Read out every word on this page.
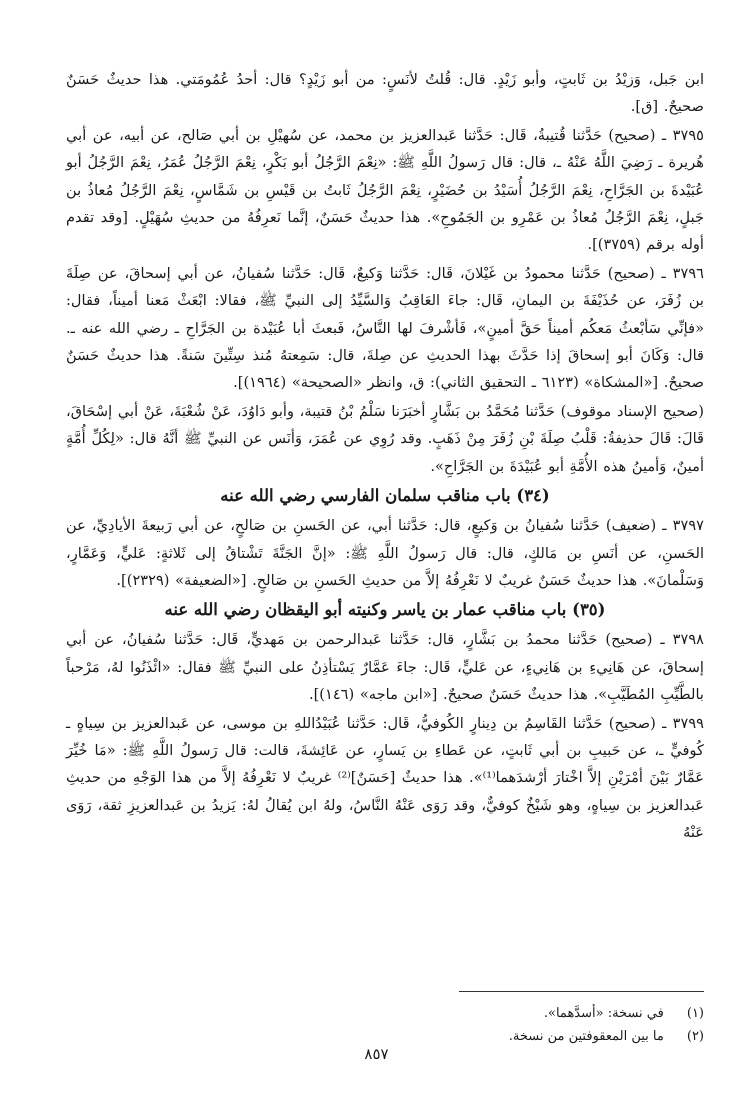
ابن جَبل، وَزيْدُ بن ثَابتٍ، وأبو زَيْدٍ. قال: قُلتُ لأنَسٍ: من أبو زَيْدٍ؟ قال: أحدُ عُمُومَتي. هذا حديثٌ حَسَنٌ صحيحٌ. [ق].

٣٧٩٥ ـ (صحيح) حَدَّثنا قُتيبةُ، قَال: حَدَّثنا عَبدالعزيز بن محمد، عن سُهيْلِ بن أبي صَالح، عن أبيه، عن أبي هُريرة ـ رَضِيَ اللَّهُ عَنْهُ ـ، قال: قال رَسولُ اللَّهِ ﷺ: «نِعْمَ الرَّجُلُ أبو بَكْرٍ، نِعْمَ الرَّجُلُ عُمَرُ، نِعْمَ الرَّجُلُ أبو عُبَيْدةَ بن الجَرَّاحِ، نِعْمَ الرَّجُلُ أُسَيْدُ بن حُضَيْرٍ، نِعْمَ الرَّجُلُ ثَابتُ بن قَيْسِ بن شَمَّاسٍ، نِعْمَ الرَّجُلُ مُعاذُ بن جَبلٍ، نِعْمَ الرَّجُلُ مُعاذُ بن عَمْرِو بن الجَمُوحِ». هذا حديثٌ حَسَنٌ، إنَّما نَعرِفُهُ من حديثِ سُهَيْلٍ. [وقد تقدم أوله برقم (٣٧٥٩)].

٣٧٩٦ ـ (صحيح) حَدَّثنا محمودُ بن غَيْلانَ، قَال: حَدَّثنا وَكيعٌ، قَال: حَدَّثنا سُفيانُ، عن أبي إسحاقَ، عن صِلَةَ بن زُفَرَ، عن حُذَيْفَةَ بن اليمانِ، قَال: جاءَ العَاقِبُ وَالسَّيِّدُ إلى النبيِّ ﷺ، فقالا: ابْعَثْ مَعنا أميناً، فقال: «فإنِّي سَأبْعثُ مَعكُم أميناً حَقَّ أمينٍ»، فَأشْرفَ لها النَّاسُ، فَبعثَ أبا عُبَيْدة بن الجَرَّاحِ ـ رضي الله عنه ـ. قال: وَكَانَ أبو إسحاقَ إذا حَدَّثَ بهذا الحديثِ عن صِلةَ، قال: سَمِعتهُ مُنذ سِتِّينَ سَنةً. هذا حديثٌ حَسَنٌ صحيحٌ. [«المشكاة» (٦١٢٣ ـ التحقيق الثاني): ق، وانظر «الصحيحة» (١٩٦٤)].

(صحيح الإسناد موقوف) حَدَّثنا مُحَمَّدُ بن بَشَّارٍ أخبَرَنا سَلْمُ بْنُ قتيبة، وأبو دَاوُدَ، عَنْ شُعْبَةَ، عَنْ أبي إسْحَاقَ، قَالَ: قَالَ حذيفةُ: قَلْبُ صِلَةَ بْنِ زُفَرَ مِنْ ذَهَبٍ. وقد رُوِي عن عُمَرَ، وَأنَس عن النبيِّ ﷺ أنَّهُ قال: «لِكُلِّ أُمَّةٍ أمينٌ، وَأمينُ هذه الأُمَّةِ أبو عُبَيْدَةَ بن الجَرَّاحِ».

(٣٤) باب مناقب سلمان الفارسي رضي الله عنه

٣٧٩٧ ـ (ضعيف) حَدَّثنا سُفيانُ بن وَكيعٍ، قال: حَدَّثنا أبي، عن الحَسنِ بن صَالحٍ، عن أبي رَبيعةَ الأيادِيِّ، عن الحَسنِ، عن أنَسِ بن مَالكٍ، قال: قال رَسولُ اللَّهِ ﷺ: «إنَّ الجَنَّةَ تَشْتاقُ إلى ثَلاثةٍ: عَليٍّ، وَعَمَّارٍ، وَسَلْمانَ». هذا حديثٌ حَسَنٌ غريبٌ لا نَعْرِفُهُ إلاَّ من حديثِ الحَسنِ بن صَالحٍ. [«الضعيفة» (٢٣٢٩)].

(٣٥) باب مناقب عمار بن ياسر وكنيته أبو اليقظان رضي الله عنه

٣٧٩٨ ـ (صحيح) حَدَّثنا محمدُ بن بَشَّارٍ، قال: حَدَّثنا عَبدالرحمن بن مَهديٍّ، قَال: حَدَّثنا سُفيانُ، عن أبي إسحاقَ، عن هَانِيءِ بن هَانِيءٍ، عن عَليٍّ، قَال: جاءَ عَمَّارٌ يَسْتأذِنُ على النبيِّ ﷺ فقال: «ائْذَنُوا لهُ، مَرْحباً بالطَّيِّبِ المُطَيَّبِ». هذا حديثٌ حَسَنٌ صحيحٌ. [«ابن ماجه» (١٤٦)].

٣٧٩٩ ـ (صحيح) حَدَّثنا القَاسِمُ بن دِينارٍ الكُوفيُّ، قَال: حَدَّثنا عُبَيْدُاللهِ بن موسى، عن عَبدالعزيز بن سِياهٍ ـ كُوفيٍّ ـ، عن حَبيبِ بن أبي ثَابتٍ، عن عَطاءِ بن يَسارٍ، عن عَائِشةَ، قالت: قال رَسولُ اللَّهِ ﷺ: «مَا خُيِّرَ عَمَّارٌ بَيْنَ أمْرَيْنِ إلاَّ اخْتارَ أرْشدَهما⁽¹⁾». هذا حديثٌ [حَسَنٌ]⁽²⁾ غريبٌ لا نَعْرِفُهُ إلاَّ من هذا الوَجْهِ من حديثِ عَبدالعزيز بن سِياهٍ، وهو شَيْخٌ كوفيٌّ، وقد رَوَى عَنْهُ النَّاسُ، ولهُ ابن يُقالُ لهُ: يَزيدُ بن عَبدالعزيزِ ثقة، رَوَى عَنْهُ

(١) في نسخة: «أسدَّهما».

(٢) ما بين المعقوفتين من نسخة.

٨٥٧
